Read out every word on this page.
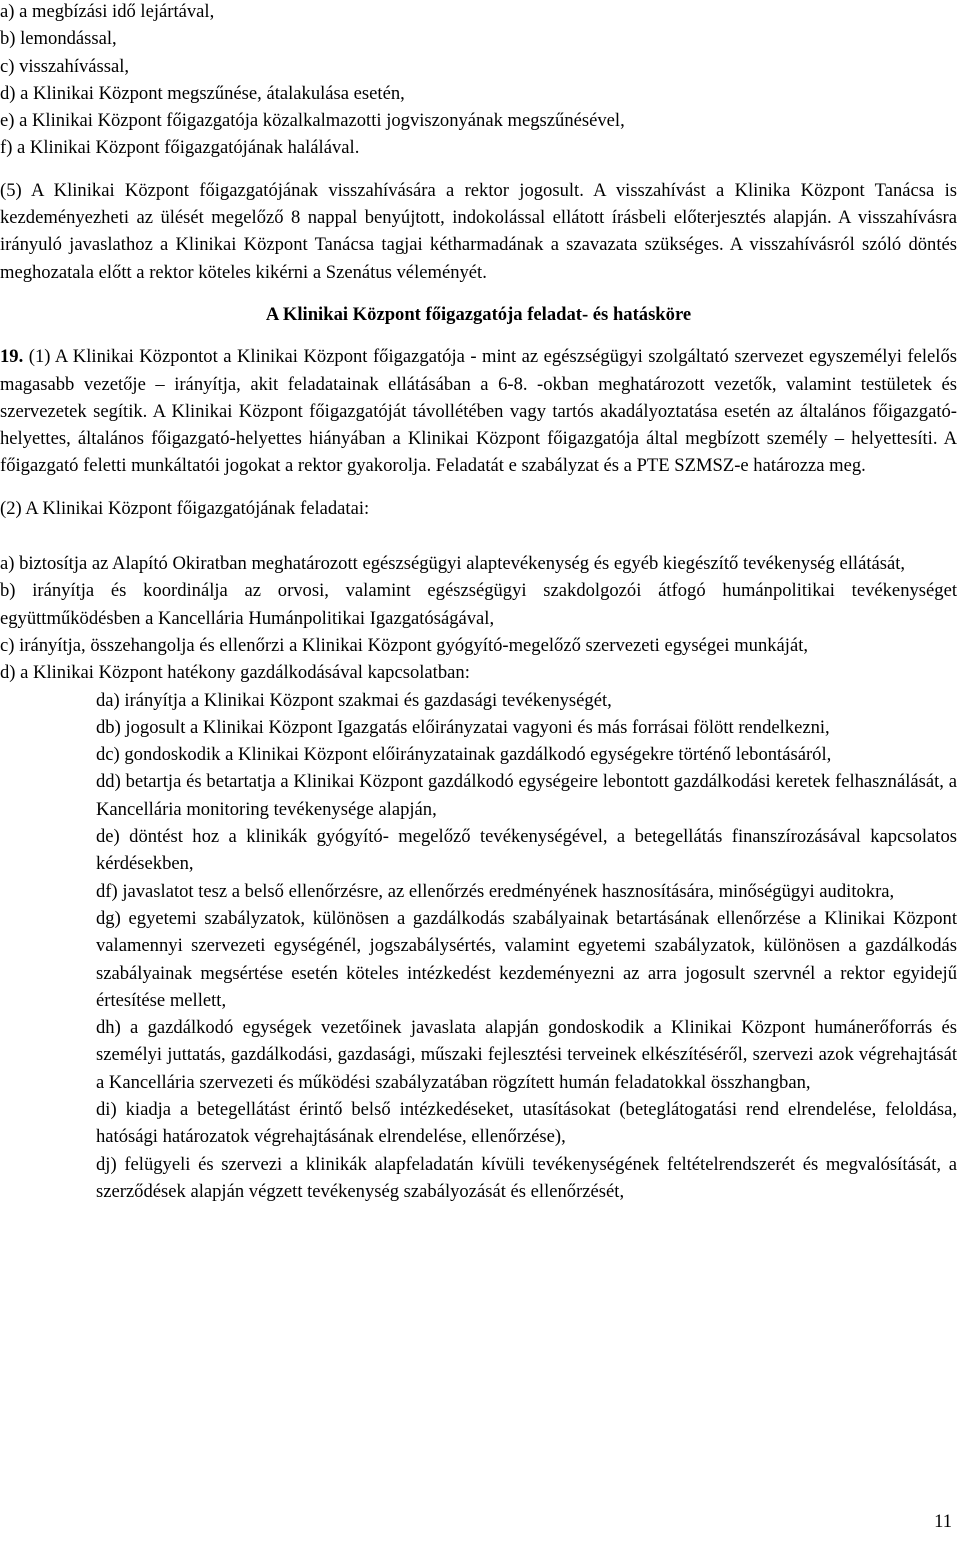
a) a megbízási idő lejártával,
b) lemondással,
c) visszahívással,
d) a Klinikai Központ megszűnése, átalakulása esetén,
e) a Klinikai Központ főigazgatója közalkalmazotti jogviszonyának megszűnésével,
f) a Klinikai Központ főigazgatójának halálával.

(5) A Klinikai Központ főigazgatójának visszahívására a rektor jogosult. A visszahívást a Klinika Központ Tanácsa is kezdeményezheti az ülését megelőző 8 nappal benyújtott, indokolással ellátott írásbeli előterjesztés alapján. A visszahívásra irányuló javaslathoz a Klinikai Központ Tanácsa tagjai kétharmadának a szavazata szükséges. A visszahívásról szóló döntés meghozatala előtt a rektor köteles kikérni a Szenátus véleményét.

A Klinikai Központ főigazgatója feladat- és hatásköre

19. (1) A Klinikai Központot a Klinikai Központ főigazgatója - mint az egészségügyi szolgáltató szervezet egyszemélyi felelős magasabb vezetője – irányítja, akit feladatainak ellátásában a 6-8. -okban meghatározott vezetők, valamint testületek és szervezetek segítik. A Klinikai Központ főigazgatóját távollétében vagy tartós akadályoztatása esetén az általános főigazgató-helyettes, általános főigazgató-helyettes hiányában a Klinikai Központ főigazgatója által megbízott személy – helyettesíti. A főigazgató feletti munkáltatói jogokat a rektor gyakorolja. Feladatát e szabályzat és a PTE SZMSZ-e határozza meg.

(2) A Klinikai Központ főigazgatójának feladatai:

a) biztosítja az Alapító Okiratban meghatározott egészségügyi alaptevékenység és egyéb kiegészítő tevékenység ellátását,

b) irányítja és koordinálja az orvosi, valamint egészségügyi szakdolgozói átfogó humánpolitikai tevékenységet együttműködésben a Kancellária Humánpolitikai Igazgatóságával,

c) irányítja, összehangolja és ellenőrzi a Klinikai Központ gyógyító-megelőző szervezeti egységei munkáját,

d) a Klinikai Központ hatékony gazdálkodásával kapcsolatban:

da) irányítja a Klinikai Központ szakmai és gazdasági tevékenységét,

db) jogosult a Klinikai Központ Igazgatás előirányzatai vagyoni és más forrásai fölött rendelkezni,

dc) gondoskodik a Klinikai Központ előirányzatainak gazdálkodó egységekre történő lebontásáról,

dd) betartja és betartatja a Klinikai Központ gazdálkodó egységeire lebontott gazdálkodási keretek felhasználását, a Kancellária monitoring tevékenysége alapján,

de) döntést hoz a klinikák gyógyító- megelőző tevékenységével, a betegellátás finanszírozásával kapcsolatos kérdésekben,

df) javaslatot tesz a belső ellenőrzésre, az ellenőrzés eredményének hasznosítására, minőségügyi auditokra,

dg) egyetemi szabályzatok, különösen a gazdálkodás szabályainak betartásának ellenőrzése a Klinikai Központ valamennyi szervezeti egységénél, jogszabálysértés, valamint egyetemi szabályzatok, különösen a gazdálkodás szabályainak megsértése esetén köteles intézkedést kezdeményezni az arra jogosult szervnél a rektor egyidejű értesítése mellett,

dh) a gazdálkodó egységek vezetőinek javaslata alapján gondoskodik a Klinikai Központ humánerőforrás és személyi juttatás, gazdálkodási, gazdasági, műszaki fejlesztési terveinek elkészítéséről, szervezi azok végrehajtását a Kancellária szervezeti és működési szabályzatában rögzített humán feladatokkal összhangban,

di) kiadja a betegellátást érintő belső intézkedéseket, utasításokat (beteglátogatási rend elrendelése, feloldása, hatósági határozatok végrehajtásának elrendelése, ellenőrzése),

dj) felügyeli és szervezi a klinikák alapfeladatán kívüli tevékenységének feltételrendszerét és megvalósítását, a szerződések alapján végzett tevékenység szabályozását és ellenőrzését,

11
